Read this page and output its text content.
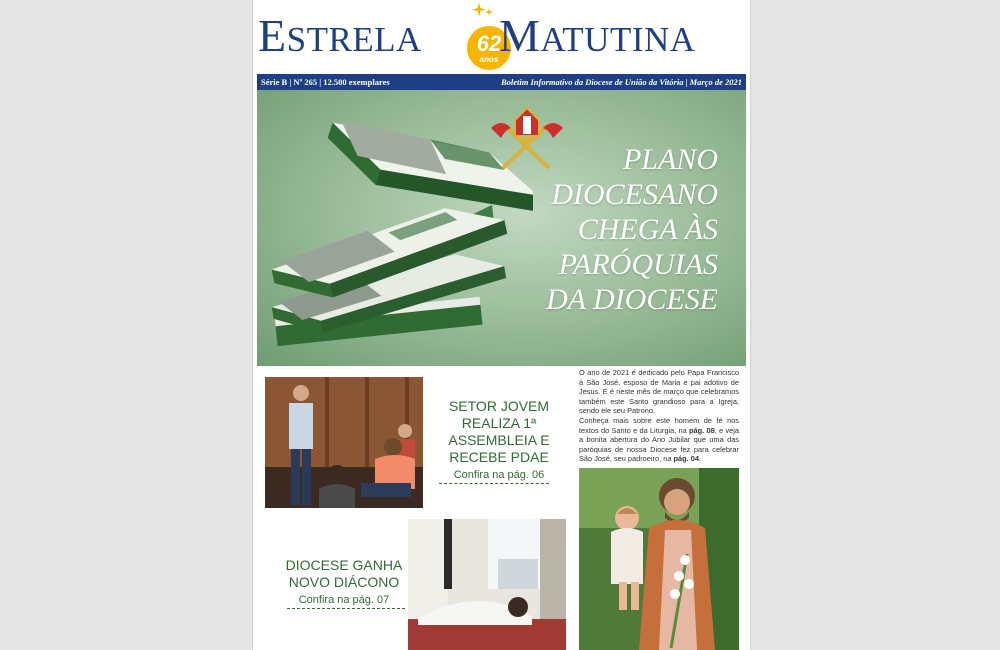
ESTRELA 62
anos MATUTINA
Série B | Nº 265 | 12.500 exemplares	Boletim Informativo da Diocese de União da Vitória | Março de 2021
PLANO
DIOCESANO
CHEGA ÀS
PARÓQUIAS
DA DIOCESE
SETOR JOVEM
REALIZA 1ª
ASSEMBLEIA E
RECEBE PDAE
Confira na pág. 06
DIOCESE GANHA
NOVO DIÁCONO
Confira na pág. 07

O ano de 2021 é dedicado pelo Papa Francisco à São José, esposo de Maria e pai adotivo de Jesus. E é neste mês de março que celebramos também este Santo grandioso para a Igreja, sendo ele seu Patrono.

Conheça mais sobre este homem de fé nos textos do Santo e da Liturgia, na pág. 08, e veja a bonita abertura do Ano Jubilar que uma das paróquias de nossa Diocese fez para celebrar São José, seu padroeiro, na pág. 04.
